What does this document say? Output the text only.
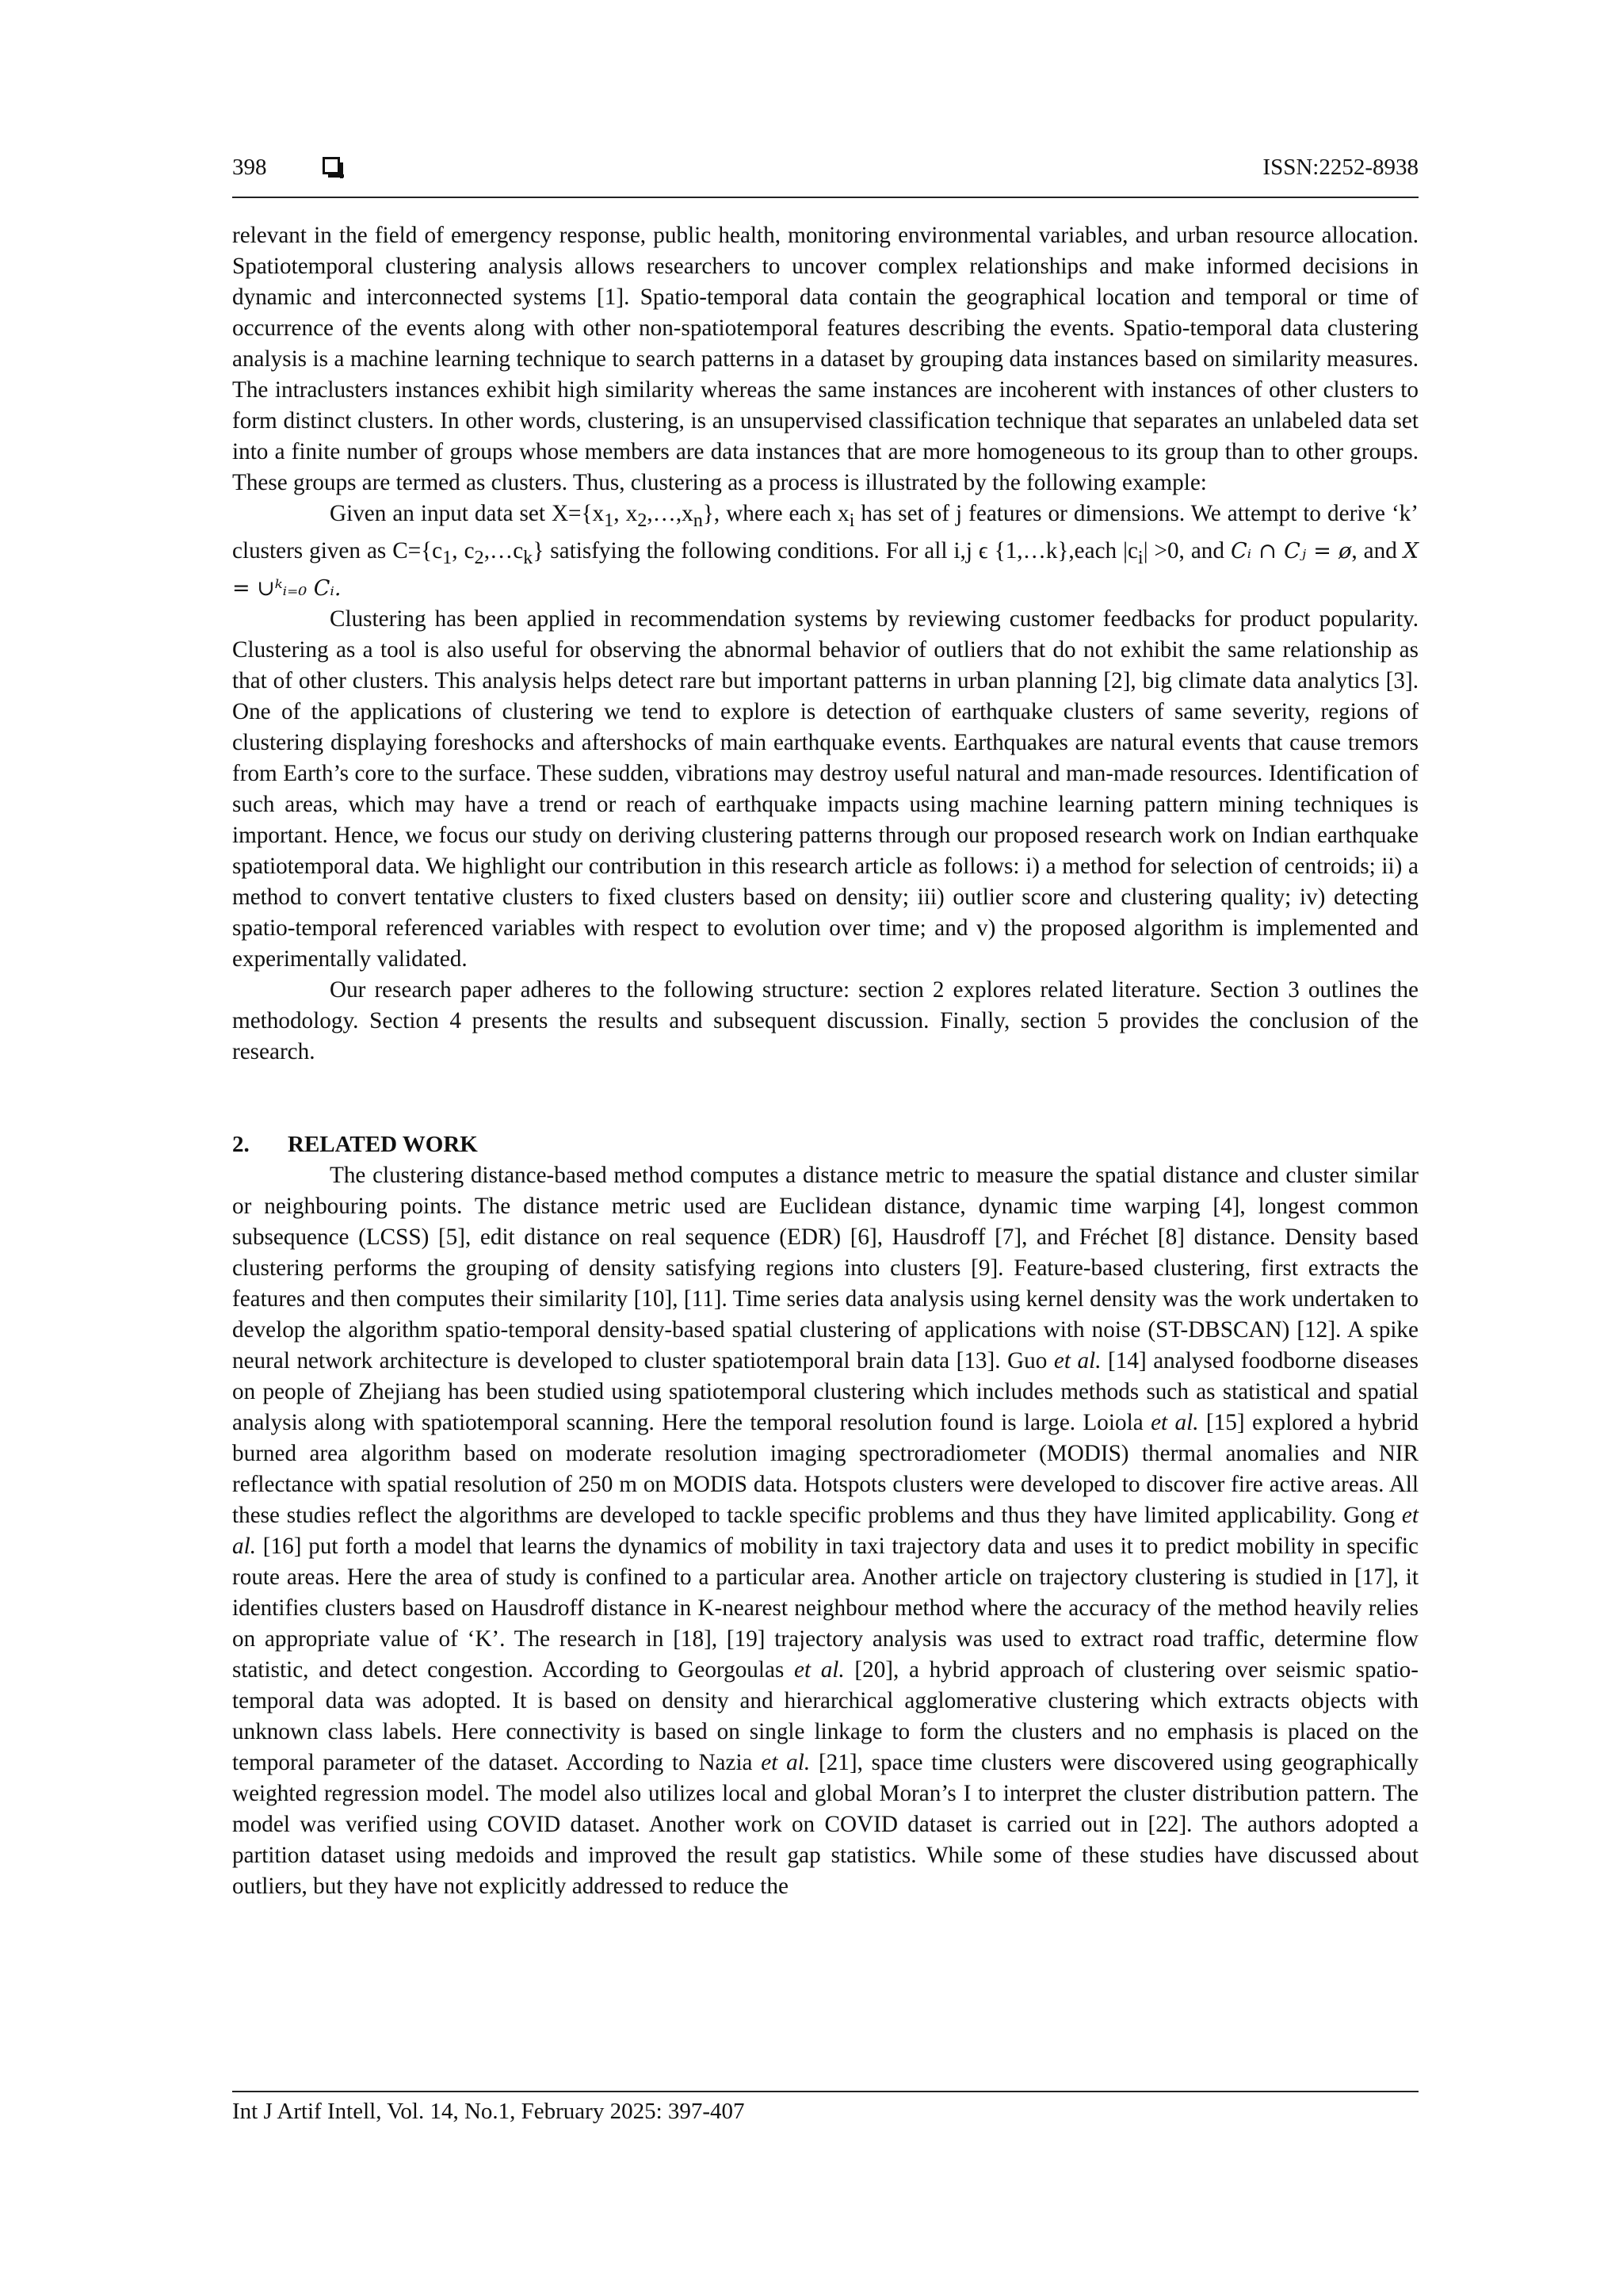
398	ISSN:2252-8938

relevant in the field of emergency response, public health, monitoring environmental variables, and urban resource allocation. Spatiotemporal clustering analysis allows researchers to uncover complex relationships and make informed decisions in dynamic and interconnected systems [1]. Spatio-temporal data contain the geographical location and temporal or time of occurrence of the events along with other non-spatiotemporal features describing the events. Spatio-temporal data clustering analysis is a machine learning technique to search patterns in a dataset by grouping data instances based on similarity measures. The intraclusters instances exhibit high similarity whereas the same instances are incoherent with instances of other clusters to form distinct clusters. In other words, clustering, is an unsupervised classification technique that separates an unlabeled data set into a finite number of groups whose members are data instances that are more homogeneous to its group than to other groups. These groups are termed as clusters. Thus, clustering as a process is illustrated by the following example:

Given an input data set $X=\{x_1$, $x_2,\dots,x_n$}, where each $x_i$ has set of j features or dimensions. We attempt to derive ‘k’ clusters given as $C=\{c_1$, $c_2,\dots c_k$} satisfying the following conditions. For all i,j ϵ {1,…k},each $|c_i| >0$, and Cᵢ ∩ Cⱼ = ø, and X = ∪ᵏᵢ₌₀ Cᵢ.

Clustering has been applied in recommendation systems by reviewing customer feedbacks for product popularity. Clustering as a tool is also useful for observing the abnormal behavior of outliers that do not exhibit the same relationship as that of other clusters. This analysis helps detect rare but important patterns in urban planning [2], big climate data analytics [3]. One of the applications of clustering we tend to explore is detection of earthquake clusters of same severity, regions of clustering displaying foreshocks and aftershocks of main earthquake events. Earthquakes are natural events that cause tremors from Earth’s core to the surface. These sudden, vibrations may destroy useful natural and man-made resources. Identification of such areas, which may have a trend or reach of earthquake impacts using machine learning pattern mining techniques is important. Hence, we focus our study on deriving clustering patterns through our proposed research work on Indian earthquake spatiotemporal data. We highlight our contribution in this research article as follows: i) a method for selection of centroids; ii) a method to convert tentative clusters to fixed clusters based on density; iii) outlier score and clustering quality; iv) detecting spatio-temporal referenced variables with respect to evolution over time; and v) the proposed algorithm is implemented and experimentally validated.

Our research paper adheres to the following structure: section 2 explores related literature. Section 3 outlines the methodology. Section 4 presents the results and subsequent discussion. Finally, section 5 provides the conclusion of the research.

2. RELATED WORK

The clustering distance-based method computes a distance metric to measure the spatial distance and cluster similar or neighbouring points. The distance metric used are Euclidean distance, dynamic time warping [4], longest common subsequence (LCSS) [5], edit distance on real sequence (EDR) [6], Hausdroff [7], and Fréchet [8] distance. Density based clustering performs the grouping of density satisfying regions into clusters [9]. Feature-based clustering, first extracts the features and then computes their similarity [10], [11]. Time series data analysis using kernel density was the work undertaken to develop the algorithm spatio-temporal density-based spatial clustering of applications with noise (ST-DBSCAN) [12]. A spike neural network architecture is developed to cluster spatiotemporal brain data [13]. Guo et al. [14] analysed foodborne diseases on people of Zhejiang has been studied using spatiotemporal clustering which includes methods such as statistical and spatial analysis along with spatiotemporal scanning. Here the temporal resolution found is large. Loiola et al. [15] explored a hybrid burned area algorithm based on moderate resolution imaging spectroradiometer (MODIS) thermal anomalies and NIR reflectance with spatial resolution of 250 m on MODIS data. Hotspots clusters were developed to discover fire active areas. All these studies reflect the algorithms are developed to tackle specific problems and thus they have limited applicability. Gong et al. [16] put forth a model that learns the dynamics of mobility in taxi trajectory data and uses it to predict mobility in specific route areas. Here the area of study is confined to a particular area. Another article on trajectory clustering is studied in [17], it identifies clusters based on Hausdroff distance in K-nearest neighbour method where the accuracy of the method heavily relies on appropriate value of ‘K’. The research in [18], [19] trajectory analysis was used to extract road traffic, determine flow statistic, and detect congestion. According to Georgoulas et al. [20], a hybrid approach of clustering over seismic spatio-temporal data was adopted. It is based on density and hierarchical agglomerative clustering which extracts objects with unknown class labels. Here connectivity is based on single linkage to form the clusters and no emphasis is placed on the temporal parameter of the dataset. According to Nazia et al. [21], space time clusters were discovered using geographically weighted regression model. The model also utilizes local and global Moran’s I to interpret the cluster distribution pattern. The model was verified using COVID dataset. Another work on COVID dataset is carried out in [22]. The authors adopted a partition dataset using medoids and improved the result gap statistics. While some of these studies have discussed about outliers, but they have not explicitly addressed to reduce the

Int J Artif Intell, Vol. 14, No.1, February 2025: 397-407
